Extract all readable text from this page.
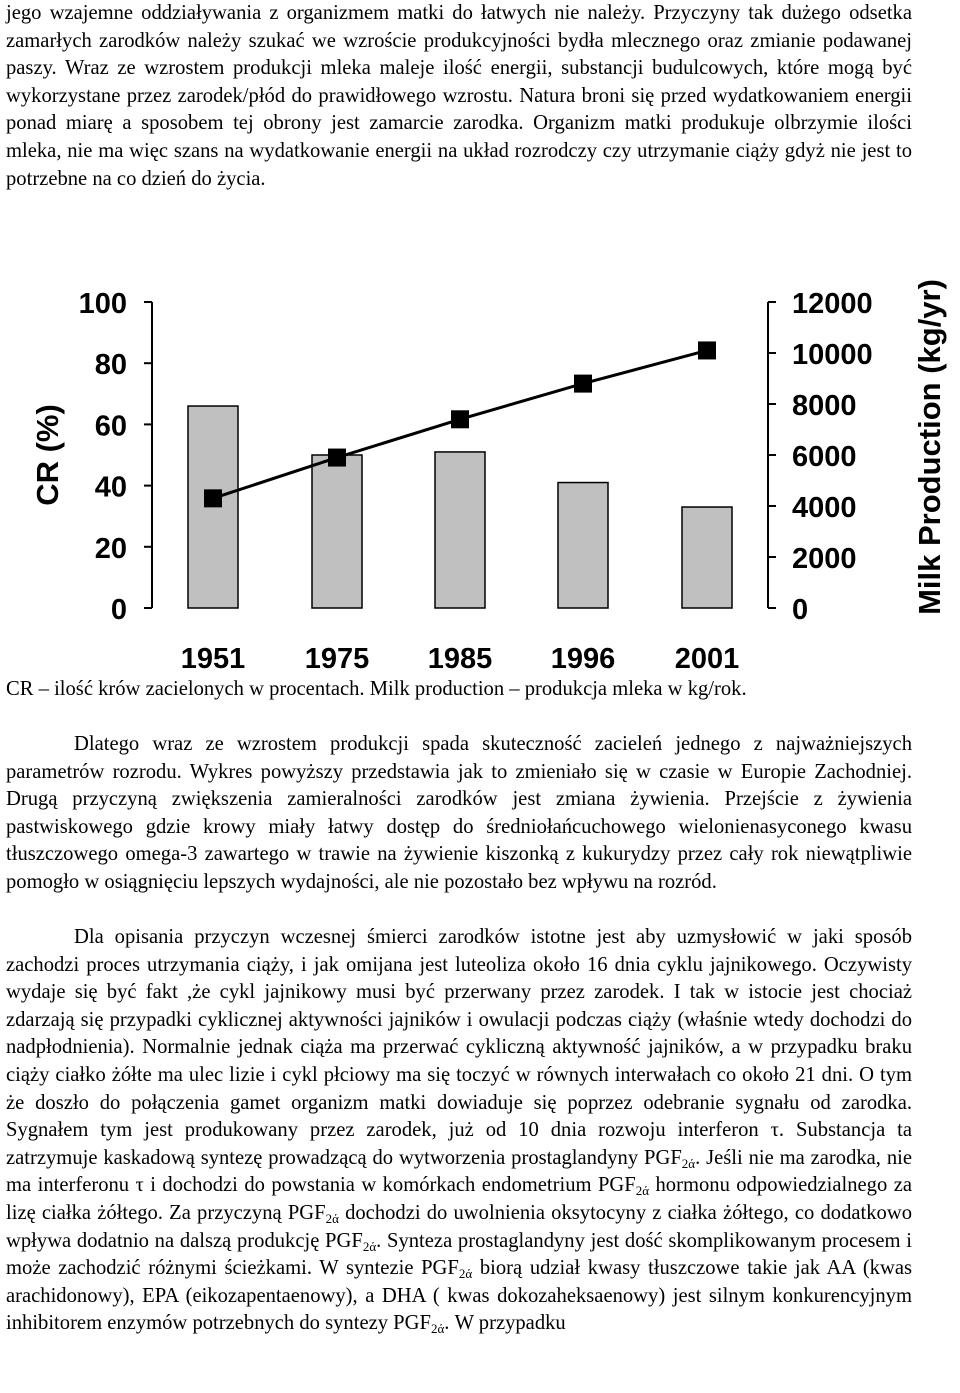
jego wzajemne oddziaływania z organizmem matki do łatwych nie należy. Przyczyny tak dużego odsetka zamarłych zarodków należy szukać we wzroście produkcyjności bydła mlecznego oraz zmianie podawanej paszy. Wraz ze wzrostem produkcji mleka maleje ilość energii, substancji budulcowych, które mogą być wykorzystane przez zarodek/płód do prawidłowego wzrostu. Natura broni się przed wydatkowaniem energii ponad miarę a sposobem tej obrony jest zamarcie zarodka. Organizm matki produkuje olbrzymie ilości mleka, nie ma więc szans na wydatkowanie energii na układ rozrodczy czy utrzymanie ciąży gdyż nie jest to potrzebne na co dzień do życia.

0
20
40
60
80
100
0
2000
4000
6000
8000
10000
12000
1951 1975 1985 1996 2001
CR (%)	Milk Production (kg/yr)

CR – ilość krów zacielonych w procentach. Milk production – produkcja mleka w kg/rok.

Dlatego wraz ze wzrostem produkcji spada skuteczność zacieleń jednego z najważniejszych parametrów rozrodu. Wykres powyższy przedstawia jak to zmieniało się w czasie w Europie Zachodniej. Drugą przyczyną zwiększenia zamieralności zarodków jest zmiana żywienia. Przejście z żywienia pastwiskowego gdzie krowy miały łatwy dostęp do średniołańcuchowego wielonienasyconego kwasu tłuszczowego omega-3 zawartego w trawie na żywienie kiszonką z kukurydzy przez cały rok niewątpliwie pomogło w osiągnięciu lepszych wydajności, ale nie pozostało bez wpływu na rozród.

Dla opisania przyczyn wczesnej śmierci zarodków istotne jest aby uzmysłowić w jaki sposób zachodzi proces utrzymania ciąży, i jak omijana jest luteoliza około 16 dnia cyklu jajnikowego. Oczywisty wydaje się być fakt ,że cykl jajnikowy musi być przerwany przez zarodek. I tak w istocie jest chociaż zdarzają się przypadki cyklicznej aktywności jajników i owulacji podczas ciąży (właśnie wtedy dochodzi do nadpłodnienia). Normalnie jednak ciąża ma przerwać cykliczną aktywność jajników, a w przypadku braku ciąży ciałko żółte ma ulec lizie i cykl płciowy ma się toczyć w równych interwałach co około 21 dni. O tym że doszło do połączenia gamet organizm matki dowiaduje się poprzez odebranie sygnału od zarodka. Sygnałem tym jest produkowany przez zarodek, już od 10 dnia rozwoju interferon τ. Substancja ta zatrzymuje kaskadową syntezę prowadzącą do wytworzenia prostaglandyny $PGF_{2ά}$. Jeśli nie ma zarodka, nie ma interferonu τ i dochodzi do powstania w komórkach endometrium $PGF_{2ά}$ hormonu odpowiedzialnego za lizę ciałka żółtego. Za przyczyną $PGF_{2ά}$ dochodzi do uwolnienia oksytocyny z ciałka żółtego, co dodatkowo wpływa dodatnio na dalszą produkcję $PGF_{2ά}$. Synteza prostaglandyny jest dość skomplikowanym procesem i może zachodzić różnymi ścieżkami. W syntezie $PGF_{2ά}$ biorą udział kwasy tłuszczowe takie jak AA (kwas arachidonowy), EPA (eikozapentaenowy), a DHA ( kwas dokozaheksaenowy) jest silnym konkurencyjnym inhibitorem enzymów potrzebnych do syntezy $PGF_{2ά}$. W przypadku
